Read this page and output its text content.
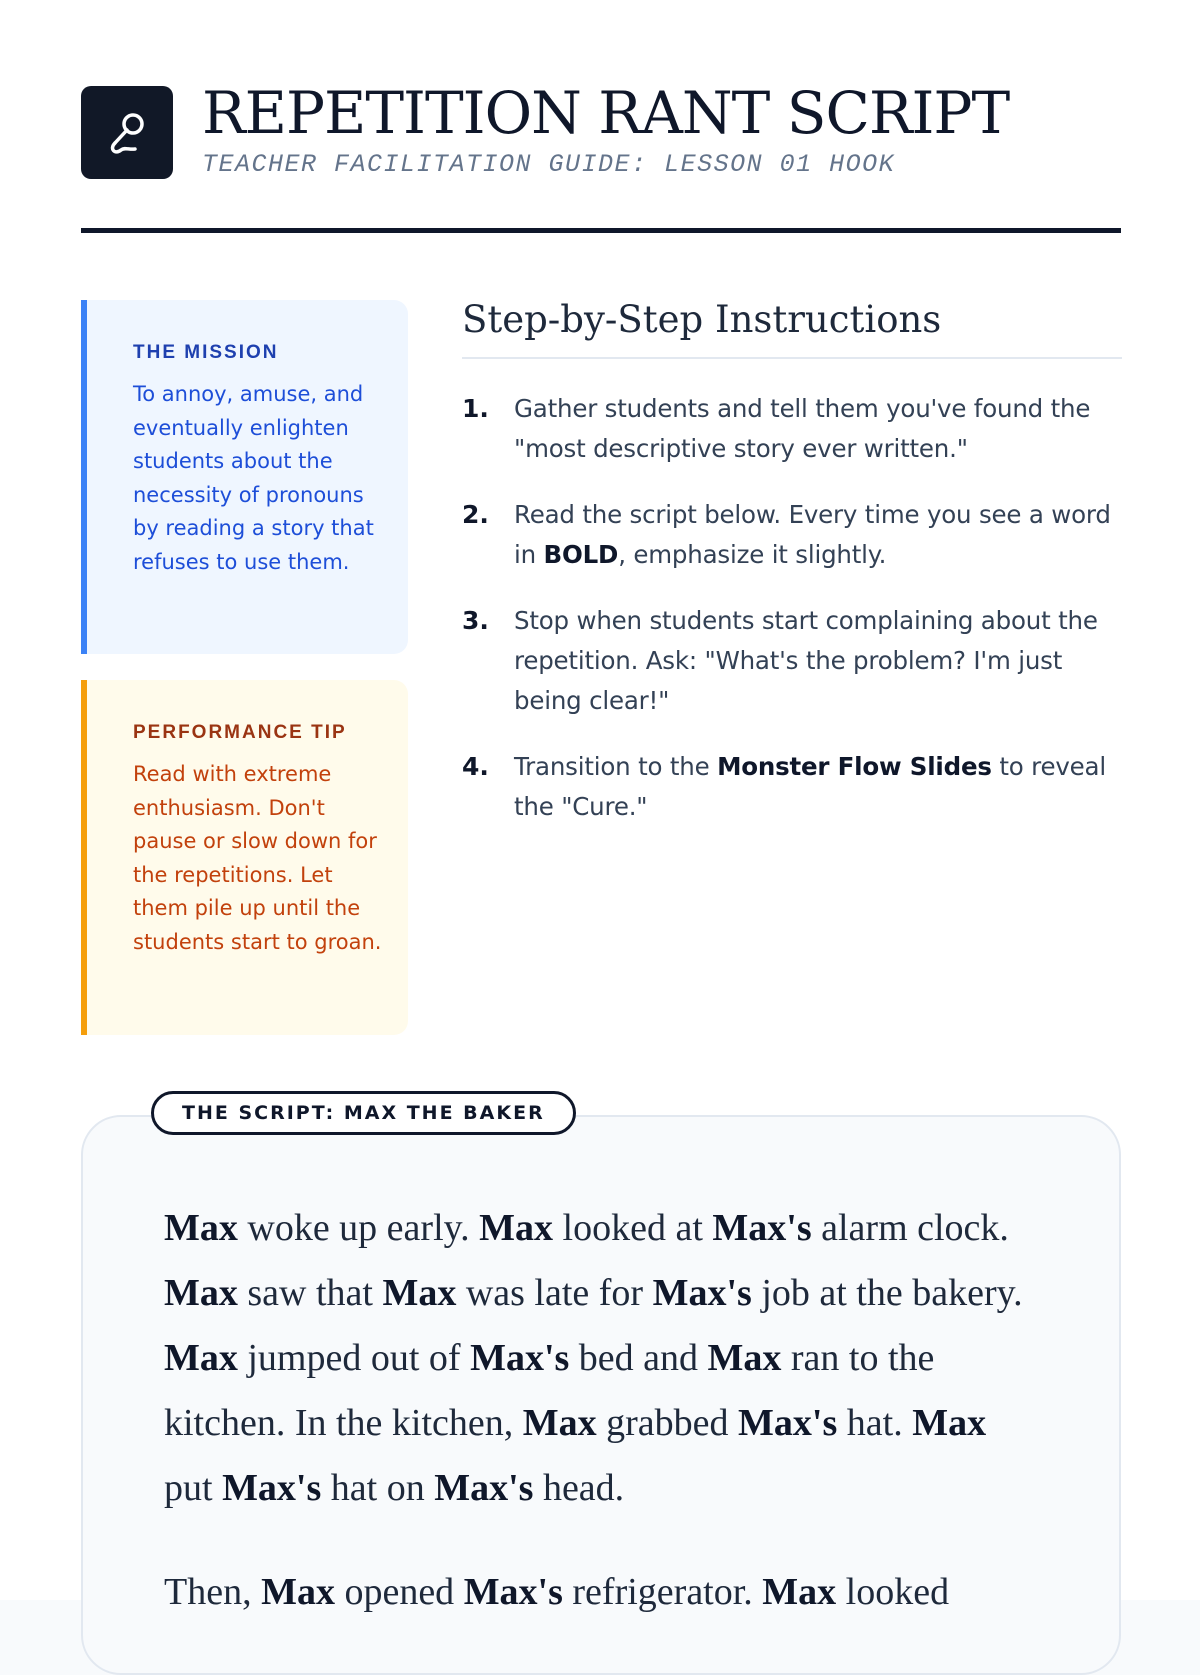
REPETITION RANT SCRIPT

TEACHER FACILITATION GUIDE: LESSON 01 HOOK

THE MISSION

To annoy, amuse, and eventually enlighten students about the necessity of pronouns by reading a story that refuses to use them.

PERFORMANCE TIP

Read with extreme enthusiasm. Don't pause or slow down for the repetitions. Let them pile up until the students start to groan.

Step-by-Step Instructions
1.	Gather students and tell them you've found the "most descriptive story ever written."
2.	Read the script below. Every time you see a word in BOLD, emphasize it slightly.
3.	Stop when students start complaining about the repetition. Ask: "What's the problem? I'm just being clear!"
4.	Transition to the Monster Flow Slides to reveal the "Cure."
THE SCRIPT: MAX THE BAKER

Max woke up early. Max looked at Max's alarm clock. Max saw that Max was late for Max's job at the bakery. Max jumped out of Max's bed and Max ran to the kitchen. In the kitchen, Max grabbed Max's hat. Max put Max's hat on Max's head.

Then, Max opened Max's refrigerator. Max looked
